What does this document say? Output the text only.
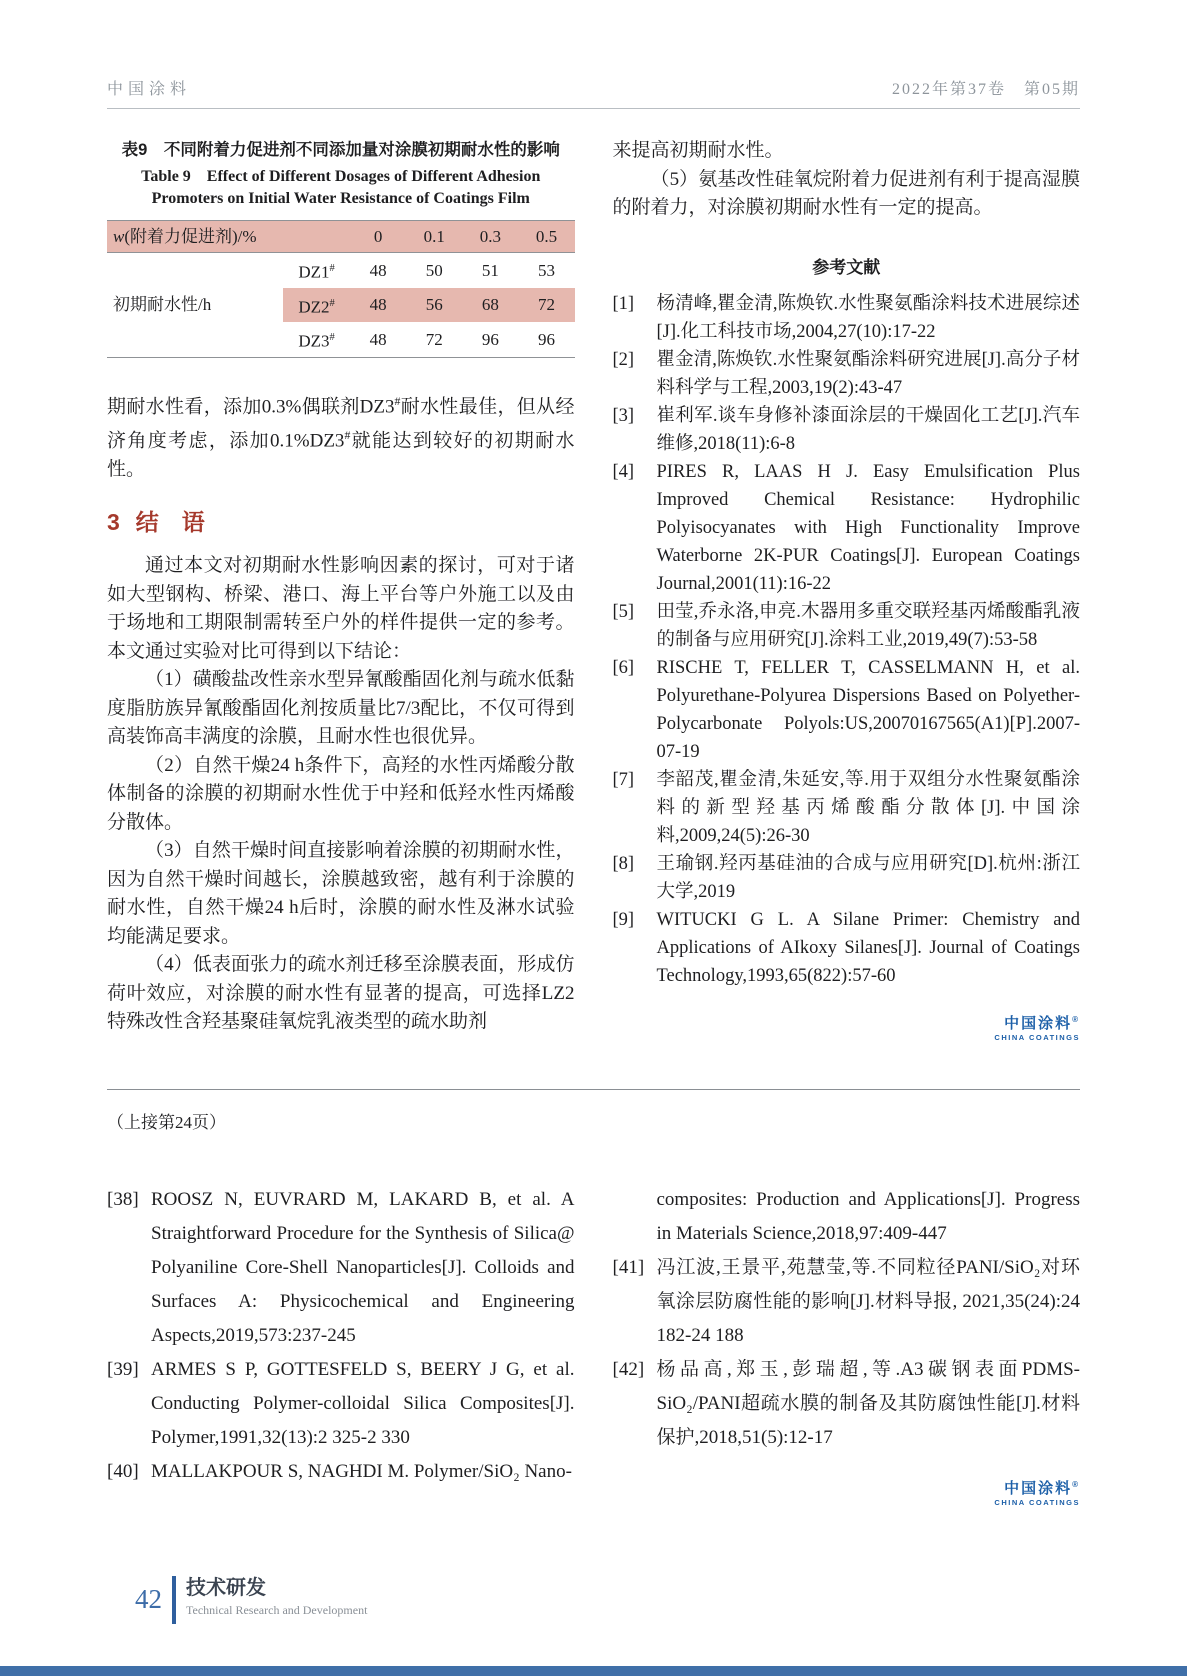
中国涂料	2022年第37卷　第05期
表9　不同附着力促进剂不同添加量对涂膜初期耐水性的影响
Table 9　Effect of Different Dosages of Different Adhesion Promoters on Initial Water Resistance of Coatings Film
w(附着力促进剂)/%		0	0.1	0.3	0.5
初期耐水性/h	DZ1#	48	50	51	53
	DZ2#	48	56	68	72
	DZ3#	48	72	96	96

期耐水性看，添加0.3%偶联剂DZ3#耐水性最佳，但从经济角度考虑，添加0.1%DZ3#就能达到较好的初期耐水性。

3 结　语

通过本文对初期耐水性影响因素的探讨，可对于诸如大型钢构、桥梁、港口、海上平台等户外施工以及由于场地和工期限制需转至户外的样件提供一定的参考。本文通过实验对比可得到以下结论：

（1）磺酸盐改性亲水型异氰酸酯固化剂与疏水低黏度脂肪族异氰酸酯固化剂按质量比7/3配比，不仅可得到高装饰高丰满度的涂膜，且耐水性也很优异。

（2）自然干燥24 h条件下，高羟的水性丙烯酸分散体制备的涂膜的初期耐水性优于中羟和低羟水性丙烯酸分散体。

（3）自然干燥时间直接影响着涂膜的初期耐水性，因为自然干燥时间越长，涂膜越致密，越有利于涂膜的耐水性，自然干燥24 h后时，涂膜的耐水性及淋水试验均能满足要求。

（4）低表面张力的疏水剂迁移至涂膜表面，形成仿荷叶效应，对涂膜的耐水性有显著的提高，可选择LZ2特殊改性含羟基聚硅氧烷乳液类型的疏水助剂

来提高初期耐水性。

（5）氨基改性硅氧烷附着力促进剂有利于提高湿膜的附着力，对涂膜初期耐水性有一定的提高。

参考文献
[1]	杨清峰,瞿金清,陈焕钦.水性聚氨酯涂料技术进展综述[J].化工科技市场,2004,27(10):17-22
[2]	瞿金清,陈焕钦.水性聚氨酯涂料研究进展[J].高分子材料科学与工程,2003,19(2):43-47
[3]	崔利军.谈车身修补漆面涂层的干燥固化工艺[J].汽车维修,2018(11):6-8
[4]	PIRES R, LAAS H J. Easy Emulsification Plus Improved Chemical Resistance: Hydrophilic Polyisocyanates with High Functionality Improve Waterborne 2K-PUR Coatings[J]. European Coatings Journal,2001(11):16-22
[5]	田莹,乔永洛,申亮.木器用多重交联羟基丙烯酸酯乳液的制备与应用研究[J].涂料工业,2019,49(7):53-58
[6]	RISCHE T, FELLER T, CASSELMANN H, et al. Polyurethane-Polyurea Dispersions Based on Polyether-Polycarbonate Polyols:US,20070167565(A1)[P].2007-07-19
[7]	李韶茂,瞿金清,朱延安,等.用于双组分水性聚氨酯涂料的新型羟基丙烯酸酯分散体[J].中国涂料,2009,24(5):26-30
[8]	王瑜钢.羟丙基硅油的合成与应用研究[D].杭州:浙江大学,2019
[9]	WITUCKI G L. A Silane Primer: Chemistry and Applications of AIkoxy Silanes[J]. Journal of Coatings Technology,1993,65(822):57-60
中国涂料®
CHINA COATINGS
（上接第24页）
[38] ROOSZ N, EUVRARD M, LAKARD B, et al. A Straightforward Procedure for the Synthesis of Silica@ Polyaniline Core-Shell Nanoparticles[J]. Colloids and Surfaces A: Physicochemical and Engineering Aspects,2019,573:237-245
[39] ARMES S P, GOTTESFELD S, BEERY J G, et al. Conducting Polymer-colloidal Silica Composites[J]. Polymer,1991,32(13):2 325-2 330
[40] MALLAKPOUR S, NAGHDI M. Polymer/SiO₂ Nano-
composites: Production and Applications[J]. Progress in Materials Science,2018,97:409-447
[41] 冯江波,王景平,苑慧莹,等.不同粒径PANI/SiO₂对环氧涂层防腐性能的影响[J].材料导报, 2021,35(24):24 182-24 188
[42] 杨品高,郑玉,彭瑞超,等.A3碳钢表面PDMS-SiO₂/PANI超疏水膜的制备及其防腐蚀性能[J].材料保护,2018,51(5):12-17
中国涂料®
CHINA COATINGS
42 技术研发
Technical Research and Development
